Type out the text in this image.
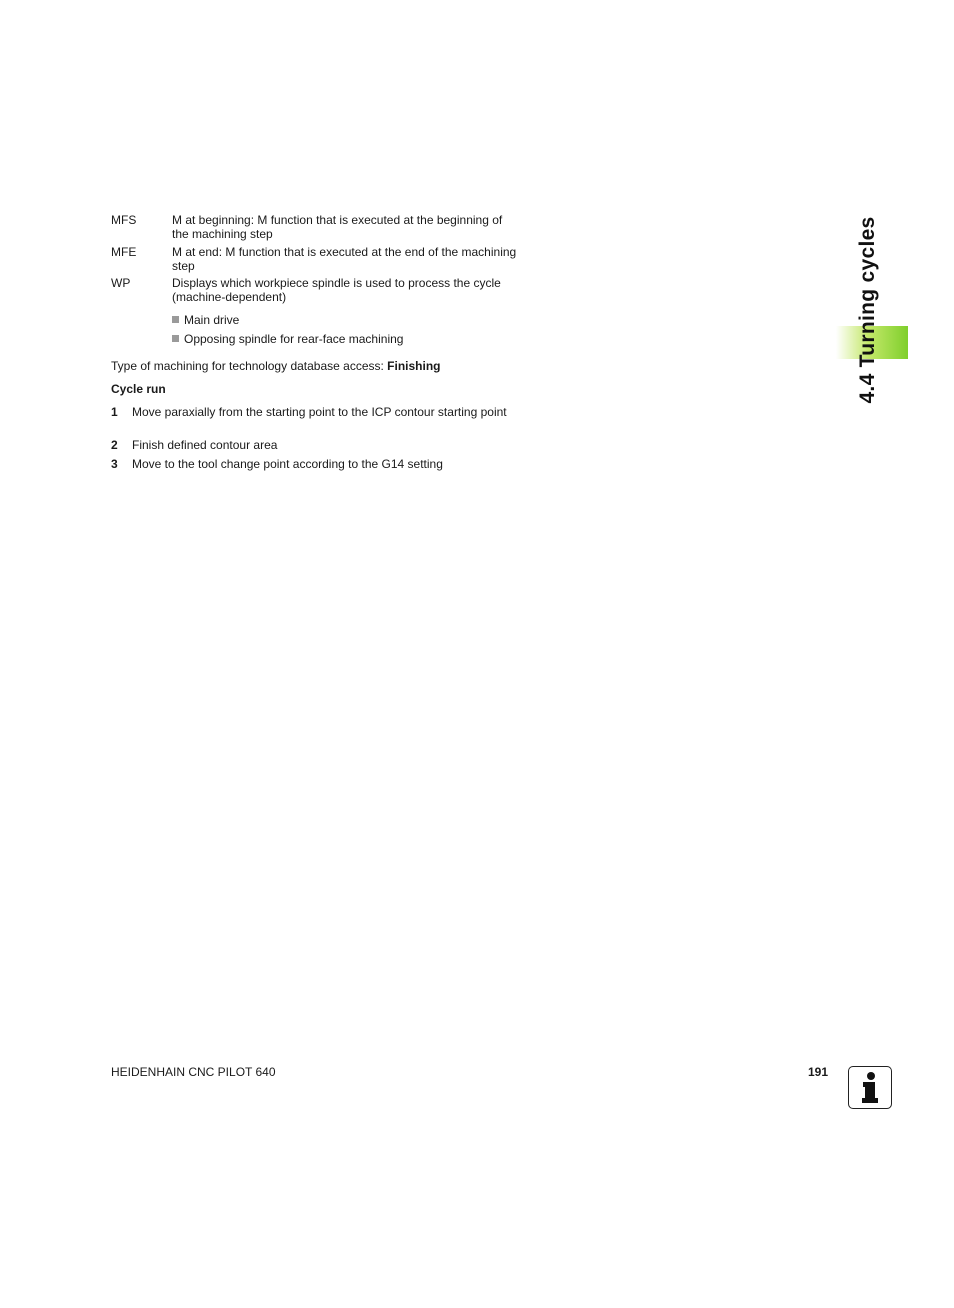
MFS	M at beginning: M function that is executed at the beginning of the machining step
MFE	M at end: M function that is executed at the end of the machining step
WP	Displays which workpiece spindle is used to process the cycle (machine-dependent)
Main drive
Opposing spindle for rear-face machining
Type of machining for technology database access: Finishing
Cycle run
1 Move paraxially from the starting point to the ICP contour starting point
2 Finish defined contour area
3 Move to the tool change point according to the G14 setting
4.4 Turning cycles
HEIDENHAIN CNC PILOT 640	191
